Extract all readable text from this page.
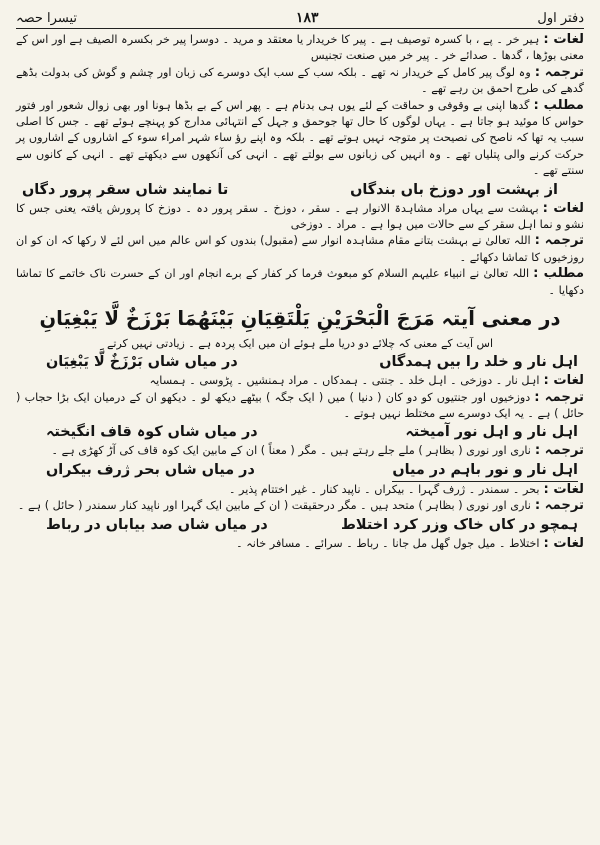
دفتر اول
۱۸۳
تیسرا حصہ

لغات :ہیر خر ۔ پے ، با کسرہ توصیف ہے ۔ پیر کا خریدار یا معتقد و مرید ۔ دوسرا پیر خر بکسرہ الصیف ہے اور اس کے معنی بوڑھا ، گدھا ۔ صدائے خر ۔ پیر خر میں صنعت تجنیس

ترجمہ :وہ لوگ پیر کامل کے خریدار نہ تھے ۔ بلکہ سب کے سب ایک دوسرے کی زبان اور چشم و گوش کی بدولت بڈھے گدھے کی طرح احمق بن رہے تھے ۔

مطلب :گدھا اپنی بے وقوفی و حماقت کے لئے یوں ہی بدنام ہے ۔ پھر اس کے بے بڈھا ہونا اور بھی زوال شعور اور فتور حواس کا موئید ہو جاتا ہے ۔ یہاں لوگوں کا حال تھا جوحمق و جہل کے انتہائی مدارج کو پہنچے ہوئے تھے ۔ جس کا اصلی سبب یہ تھا کہ ناصح کی نصیحت پر متوجہ نہیں ہوتے تھے ۔ بلکہ وہ اپنے رؤ ساء شہر امراء سوء کے اشاروں کے اشاروں پر حرکت کرنے والی پتلیاں تھے ۔ وہ انہیں کی زبانوں سے بولتے تھے ۔ انہی کی آنکھوں سے دیکھتے تھے ۔ انہی کے کانوں سے سنتے تھے ۔

از بہشت اور دوزخ باں بندگاں
تا نمایند شاں سقر پرور دگاں

لغات :بہشت سے یہاں مراد مشاہدۃ الانوار ہے ۔ سقر ، دوزخ ۔ سقر پرور دہ ۔ دوزخ کا پرورش یافتہ یعنی جس کا نشو و نما اہل سقر کے سے حالات میں ہوا ہے ۔ مراد ۔ دوزخی

ترجمہ :اللہ تعالیٰ نے بہشت بتانے مقام مشاہدہ انوار سے (مقبول) بندوں کو اس عالم میں اس لئے لا رکھا کہ ان کو ان روزخیوں کا تماشا دکھائے ۔

مطلب :اللہ تعالیٰ نے انبیاء علیہم السلام کو مبعوث فرما کر کفار کے برے انجام اور ان کے حسرت ناک خاتمے کا تماشا دکھایا ۔

در معنی آیتہ مَرَجَ الْبَحْرَیْنِ یَلْتَقِیَانِ بَیْنَھُمَا بَرْزَخٌ لَّا یَبْغِیَانِ
اس آیت کے معنی کہ چلائے دو دریا ملے ہوئے ان میں ایک پردہ ہے ۔ زیادتی نہیں کرتے
اہل نار و خلد را بیں ہمدگاں
در میاں شاں بَرْزَخٌ لَّا یَبْغِیَان

لغات :اہل نار ۔ دوزخی ۔ اہل خلد ۔ جنتی ۔ ہمدکاں ۔ مراد ہمنشیں ۔ پڑوسی ۔ ہمسایہ

ترجمہ :دوزخیوں اور جنتیوں کو دو کان ( دنیا ) میں ( ایک جگہ ) بیٹھے دیکھ لو ۔ دیکھو ان کے درمیان ایک بڑا حجاب ( حائل ) ہے ۔ یہ ایک دوسرے سے مختلط نہیں ہوتے ۔

اہل نار و اہل نور آمیختہ
در میاں شاں کوہ قاف انگیختہ

ترجمہ :ناری اور نوری ( بظاہر ) ملے جلے رہتے ہیں ۔ مگر ( معناً ) ان کے مابین ایک کوہ قاف کی آڑ کھڑی ہے ۔

اہل نار و نور باہم در میاں
در میاں شاں بحر ژرف بیکراں

لغات :بحر ۔ سمندر ۔ ژرف گہرا ۔ بیکراں ۔ ناپید کنار ۔ غیر اختتام پذیر ۔

ترجمہ :ناری اور نوری ( بظاہر ) متحد ہیں ۔ مگر درحقیقت ( ان کے مابین ایک گہرا اور ناپید کنار سمندر ( حائل ) ہے ۔

ہمچو در کاں خاک وزر کرد اختلاط
در میاں شاں صد بیاباں در رباط

لغات :اختلاط ۔ میل جول گھل مل جانا ۔ رباط ۔ سرائے ۔ مسافر خانہ ۔
